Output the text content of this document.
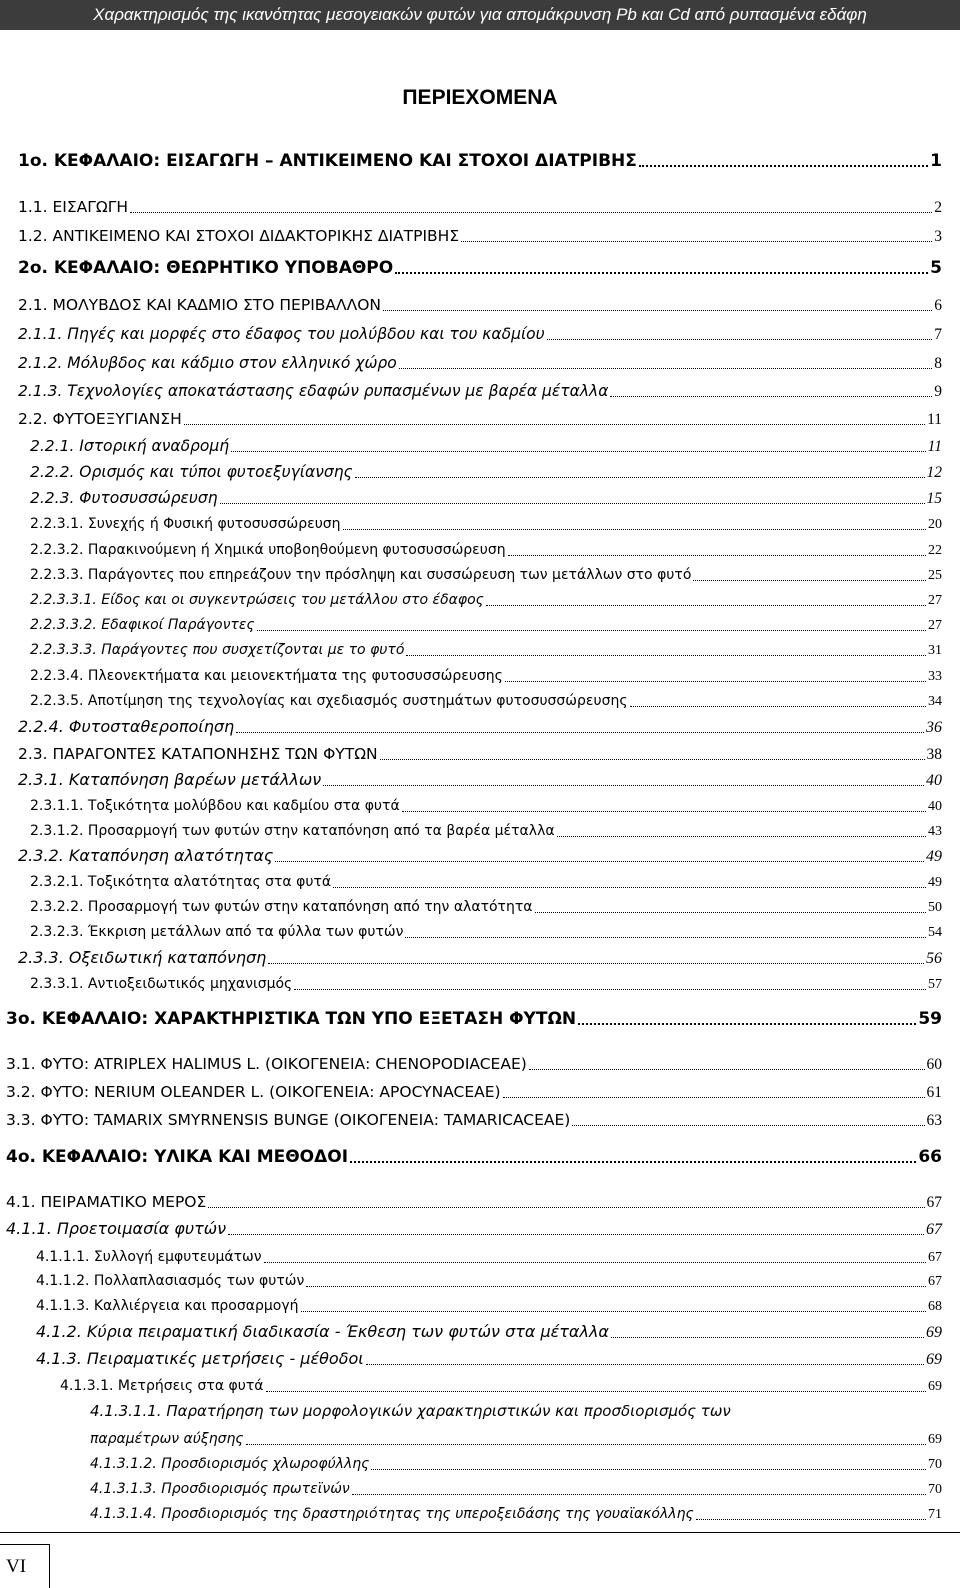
Χαρακτηρισμός της ικανότητας μεσογειακών φυτών για απομάκρυνση Pb και Cd από ρυπασμένα εδάφη
ΠΕΡΙΕΧΟΜΕΝΑ
1ο. ΚΕΦΑΛΑΙΟ: ΕΙΣΑΓΩΓΗ – ΑΝΤΙΚΕΙΜΕΝΟ ΚΑΙ ΣΤΟΧΟΙ ΔΙΑΤΡΙΒΗΣ	1
1.1. ΕΙΣΑΓΩΓΗ	2
1.2. ΑΝΤΙΚΕΙΜΕΝΟ ΚΑΙ ΣΤΟΧΟΙ ΔΙΔΑΚΤΟΡΙΚΗΣ ΔΙΑΤΡΙΒΗΣ	3
2ο. ΚΕΦΑΛΑΙΟ: ΘΕΩΡΗΤΙΚΟ ΥΠΟΒΑΘΡΟ	5
2.1. ΜΟΛΥΒΔΟΣ ΚΑΙ ΚΑΔΜΙΟ ΣΤΟ ΠΕΡΙΒΑΛΛΟΝ	6
2.1.1. Πηγές και μορφές στο έδαφος του μολύβδου και του καδμίου	7
2.1.2. Μόλυβδος και κάδμιο στον ελληνικό χώρο	8
2.1.3. Τεχνολογίες αποκατάστασης εδαφών ρυπασμένων με βαρέα μέταλλα	9
2.2. ΦΥΤΟΕΞΥΓΙΑΝΣΗ	11
2.2.1. Ιστορική αναδρομή	11
2.2.2. Ορισμός και τύποι φυτοεξυγίανσης	12
2.2.3. Φυτοσυσσώρευση	15
2.2.3.1. Συνεχής ή Φυσική φυτοσυσσώρευση	20
2.2.3.2. Παρακινούμενη ή Χημικά υποβοηθούμενη φυτοσυσσώρευση	22
2.2.3.3. Παράγοντες που επηρεάζουν την πρόσληψη και συσσώρευση των μετάλλων στο φυτό	25
2.2.3.3.1. Είδος και οι συγκεντρώσεις του μετάλλου στο έδαφος	27
2.2.3.3.2. Εδαφικοί Παράγοντες	27
2.2.3.3.3. Παράγοντες που συσχετίζονται με το φυτό	31
2.2.3.4. Πλεονεκτήματα και μειονεκτήματα της φυτοσυσσώρευσης	33
2.2.3.5. Αποτίμηση της τεχνολογίας και σχεδιασμός συστημάτων φυτοσυσσώρευσης	34
2.2.4. Φυτοσταθεροποίηση	36
2.3. ΠΑΡΑΓΟΝΤΕΣ ΚΑΤΑΠΟΝΗΣΗΣ ΤΩΝ ΦΥΤΩΝ	38
2.3.1. Καταπόνηση βαρέων μετάλλων	40
2.3.1.1. Τοξικότητα μολύβδου και καδμίου στα φυτά	40
2.3.1.2. Προσαρμογή των φυτών στην καταπόνηση από τα βαρέα μέταλλα	43
2.3.2. Καταπόνηση αλατότητας	49
2.3.2.1. Τοξικότητα αλατότητας στα φυτά	49
2.3.2.2. Προσαρμογή των φυτών στην καταπόνηση από την αλατότητα	50
2.3.2.3. Έκκριση μετάλλων από τα φύλλα των φυτών	54
2.3.3. Οξειδωτική καταπόνηση	56
2.3.3.1. Αντιοξειδωτικός μηχανισμός	57
3ο. ΚΕΦΑΛΑΙΟ: ΧΑΡΑΚΤΗΡΙΣΤΙΚΑ ΤΩΝ ΥΠΟ ΕΞΕΤΑΣΗ ΦΥΤΩΝ	59
3.1. ΦΥΤΟ: ATRIPLEX HALIMUS L. (ΟΙΚΟΓΕΝΕΙΑ: CHENOPODIACEAE)	60
3.2. ΦΥΤΟ: NERIUM OLEANDER L. (ΟΙΚΟΓΕΝΕΙΑ: APOCYNACEAE)	61
3.3. ΦΥΤΟ: TAMARIX SMYRNENSIS BUNGE (ΟΙΚΟΓΕΝΕΙΑ: TAMARICACEAE)	63
4ο. ΚΕΦΑΛΑΙΟ: ΥΛΙΚΑ ΚΑΙ ΜΕΘΟΔΟΙ	66
4.1. ΠΕΙΡΑΜΑΤΙΚΟ ΜΕΡΟΣ	67
4.1.1. Προετοιμασία φυτών	67
4.1.1.1. Συλλογή εμφυτευμάτων	67
4.1.1.2. Πολλαπλασιασμός των φυτών	67
4.1.1.3. Καλλιέργεια και προσαρμογή	68
4.1.2. Κύρια πειραματική διαδικασία - Έκθεση των φυτών στα μέταλλα	69
4.1.3. Πειραματικές μετρήσεις - μέθοδοι	69
4.1.3.1. Μετρήσεις στα φυτά	69
4.1.3.1.1. Παρατήρηση των μορφολογικών χαρακτηριστικών και προσδιορισμός των
παραμέτρων αύξησης	69
4.1.3.1.2. Προσδιορισμός χλωροφύλλης	70
4.1.3.1.3. Προσδιορισμός πρωτεϊνών	70
4.1.3.1.4. Προσδιορισμός της δραστηριότητας της υπεροξειδάσης της γουαϊακόλλης	71
VI
